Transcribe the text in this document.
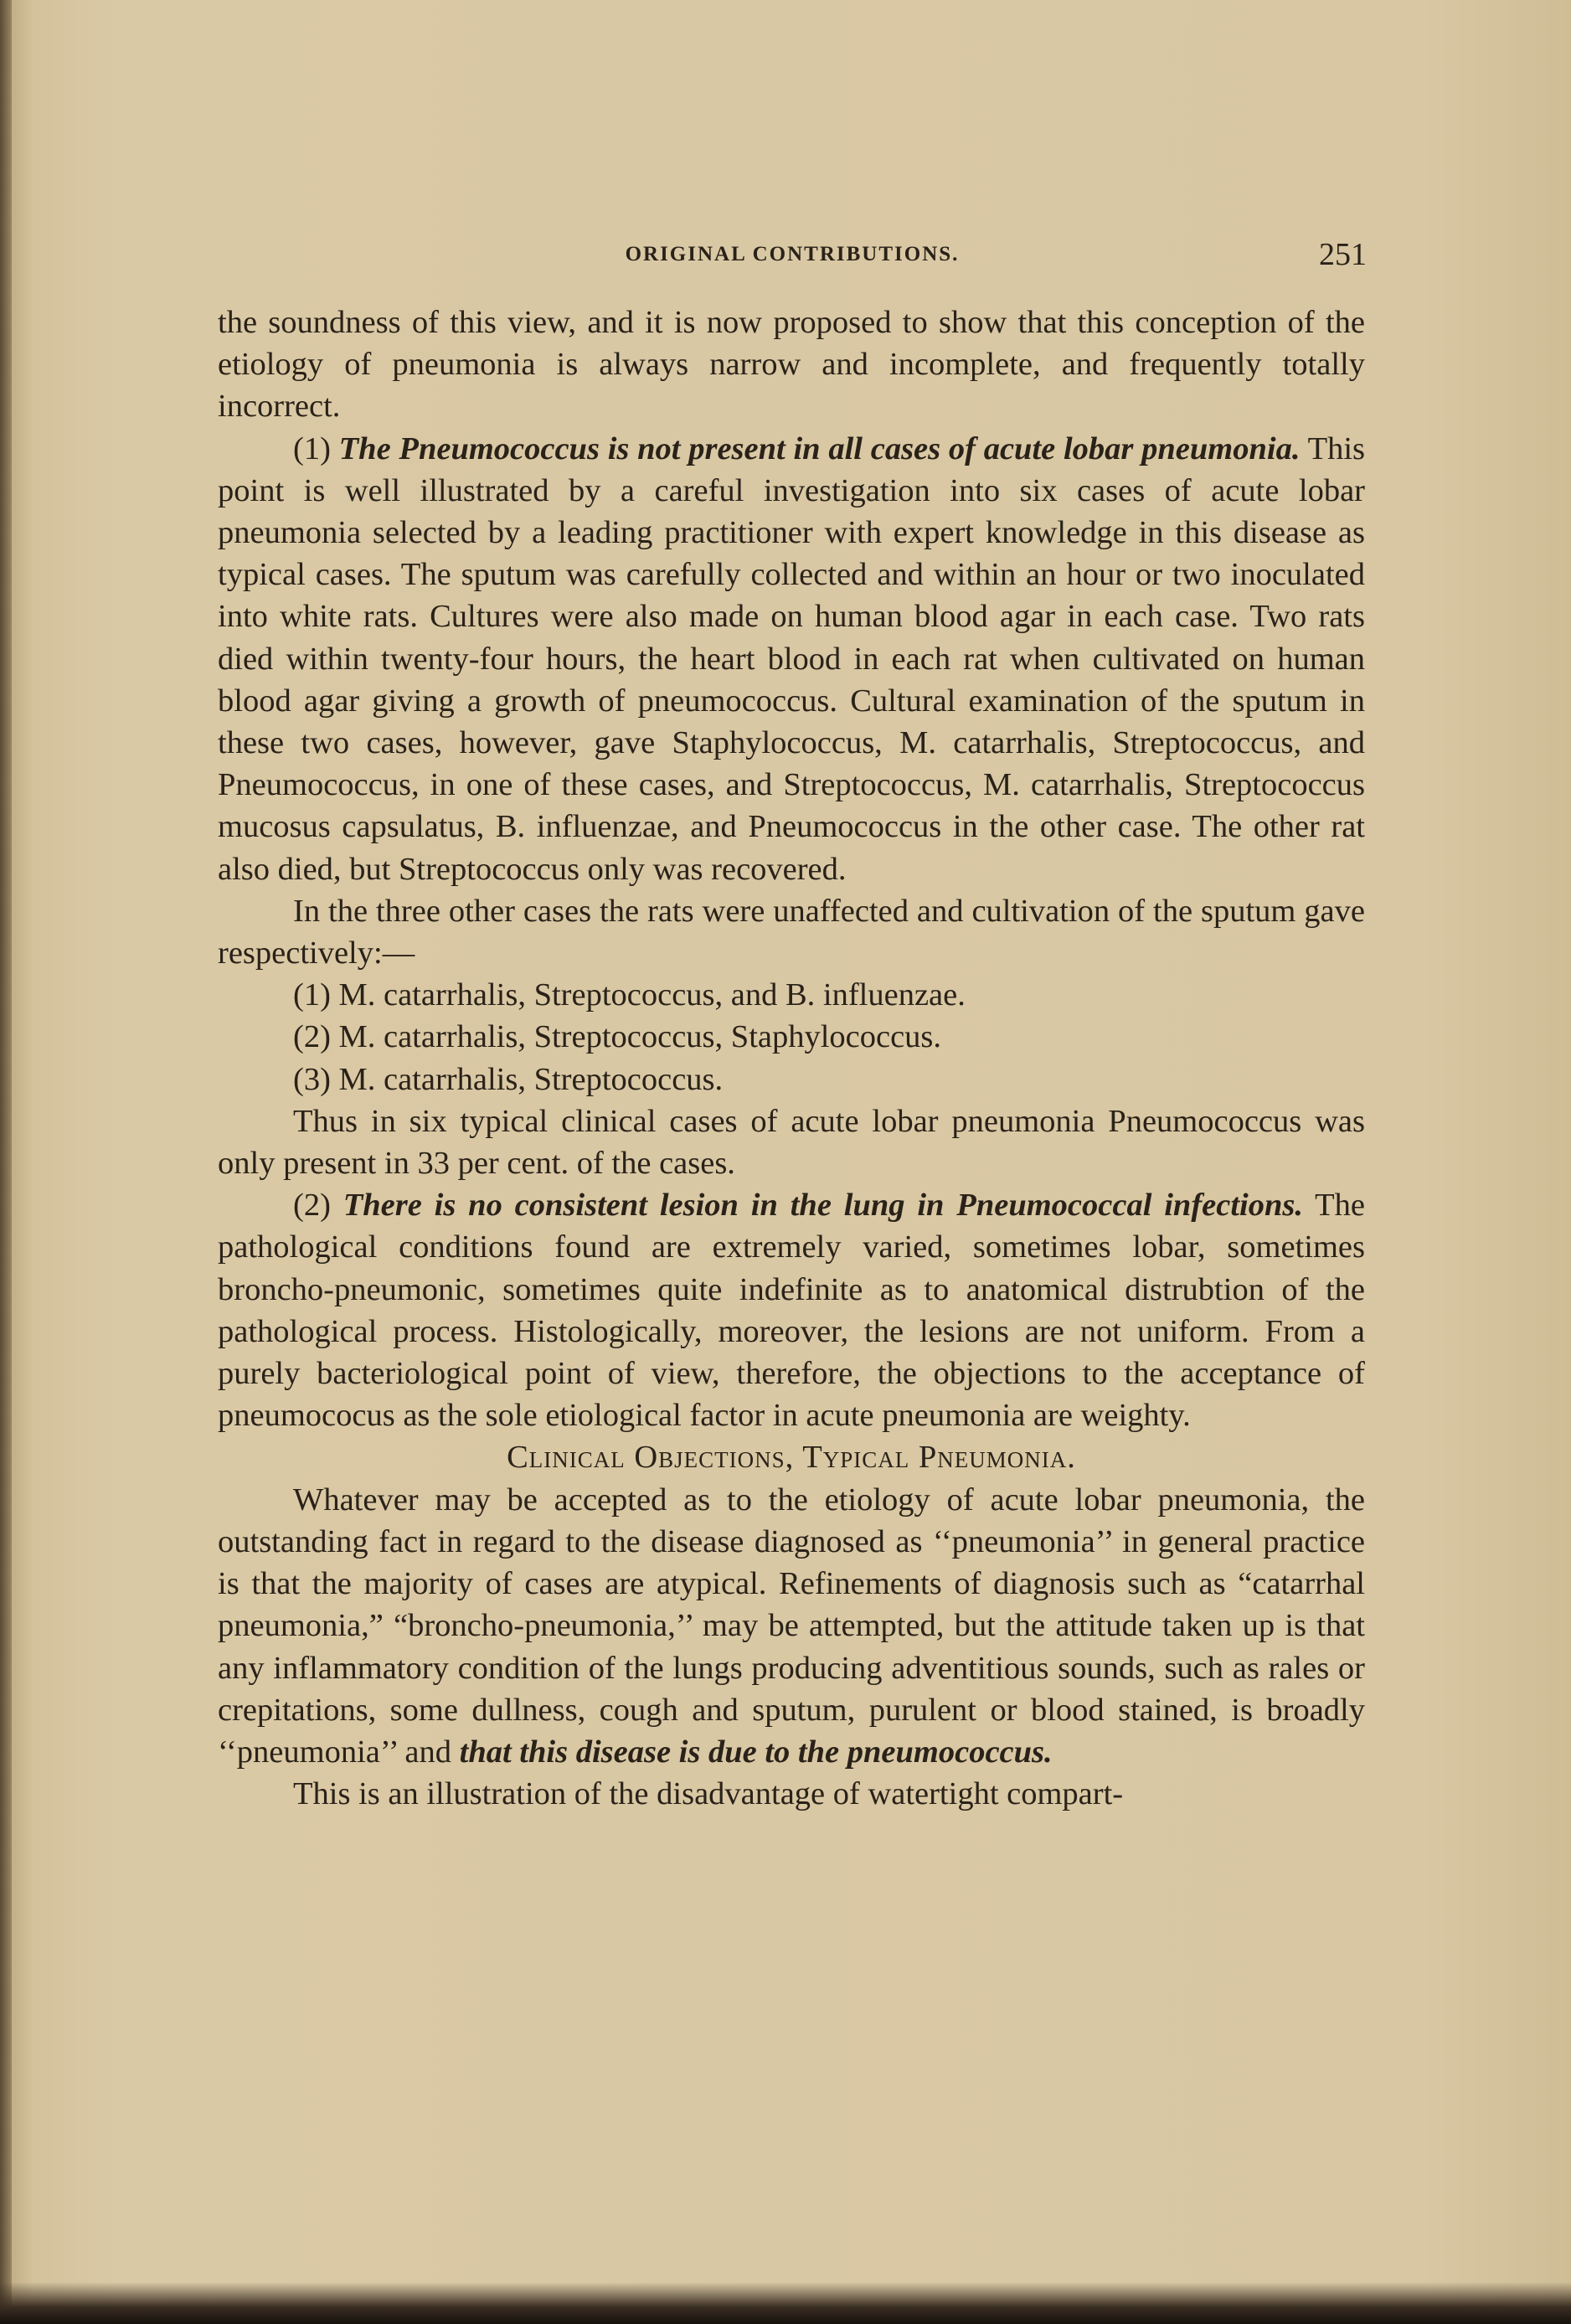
ORIGINAL CONTRIBUTIONS.	251

the soundness of this view, and it is now proposed to show that this conception of the etiology of pneumonia is always narrow and incomplete, and frequently totally incorrect.

(1) The Pneumococcus is not present in all cases of acute lobar pneumonia. This point is well illustrated by a careful investigation into six cases of acute lobar pneumonia selected by a leading practitioner with expert knowledge in this disease as typical cases. The sputum was carefully collected and within an hour or two inoculated into white rats. Cultures were also made on human blood agar in each case. Two rats died within twenty-four hours, the heart blood in each rat when cultivated on human blood agar giving a growth of pneumococcus. Cultural examination of the sputum in these two cases, however, gave Staphylococcus, M. catarrhalis, Streptococcus, and Pneumococcus, in one of these cases, and Streptococcus, M. catarrhalis, Streptococcus mucosus capsulatus, B. influenzae, and Pneumococcus in the other case. The other rat also died, but Streptococcus only was recovered.

In the three other cases the rats were unaffected and cultivation of the sputum gave respectively:—

(1) M. catarrhalis, Streptococcus, and B. influenzae.

(2) M. catarrhalis, Streptococcus, Staphylococcus.

(3) M. catarrhalis, Streptococcus.

Thus in six typical clinical cases of acute lobar pneumonia Pneumococcus was only present in 33 per cent. of the cases.

(2) There is no consistent lesion in the lung in Pneumococcal infections. The pathological conditions found are extremely varied, sometimes lobar, sometimes broncho-pneumonic, sometimes quite indefinite as to anatomical distrubtion of the pathological process. Histologically, moreover, the lesions are not uniform. From a purely bacteriological point of view, therefore, the objections to the acceptance of pneumococus as the sole etiological factor in acute pneumonia are weighty.

Clinical Objections, Typical Pneumonia.

Whatever may be accepted as to the etiology of acute lobar pneumonia, the outstanding fact in regard to the disease diagnosed as ‘‘pneumonia’’ in general practice is that the majority of cases are atypical. Refinements of diagnosis such as “catarrhal pneumonia,” “broncho-pneumonia,’’ may be attempted, but the attitude taken up is that any inflammatory condition of the lungs producing adventitious sounds, such as rales or crepitations, some dullness, cough and sputum, purulent or blood stained, is broadly ‘‘pneumonia’’ and that this disease is due to the pneumococcus.

This is an illustration of the disadvantage of watertight compart-
